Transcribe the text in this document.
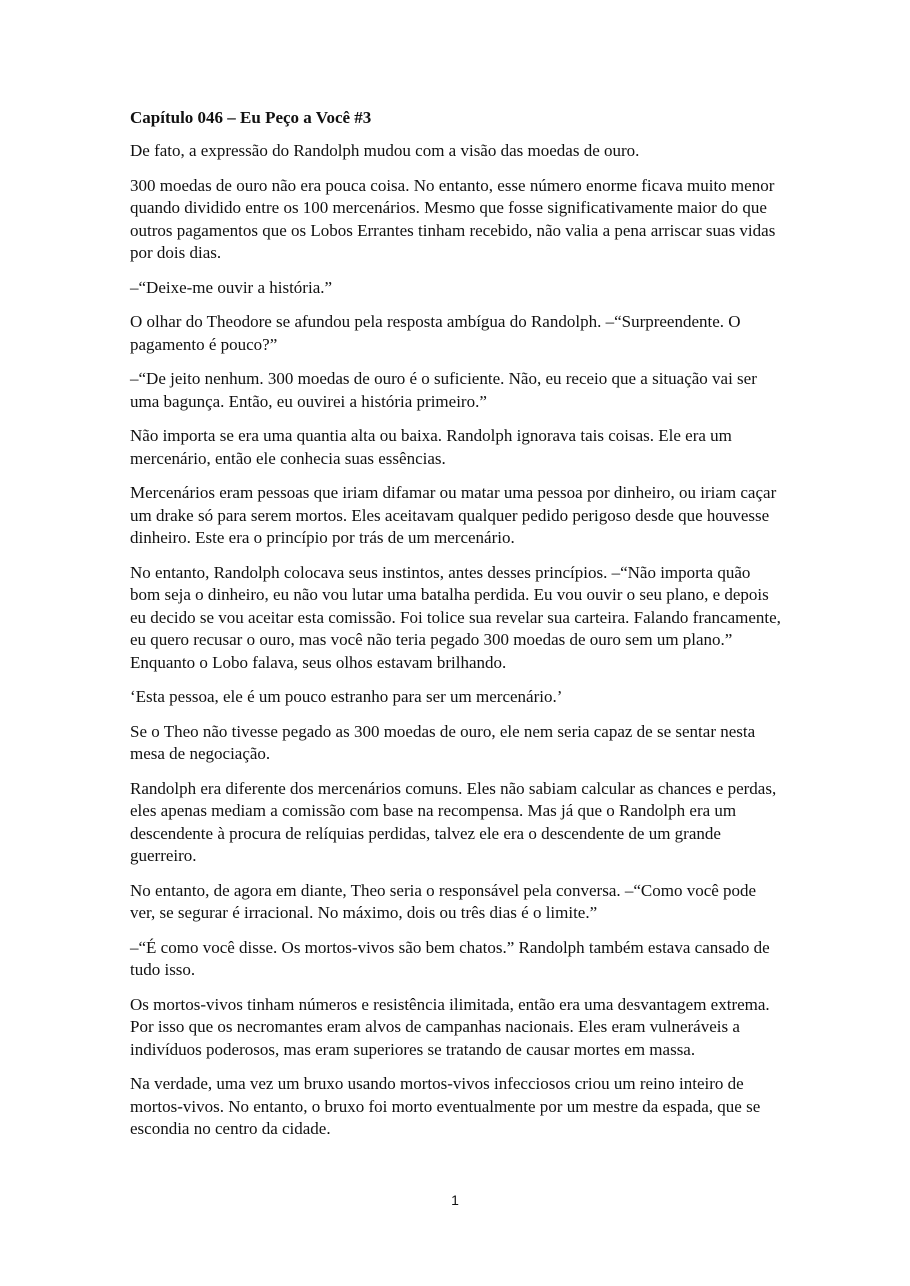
Capítulo 046 – Eu Peço a Você #3

De fato, a expressão do Randolph mudou com a visão das moedas de ouro.

300 moedas de ouro não era pouca coisa. No entanto, esse número enorme ficava muito menor quando dividido entre os 100 mercenários. Mesmo que fosse significativamente maior do que outros pagamentos que os Lobos Errantes tinham recebido, não valia a pena arriscar suas vidas por dois dias.

–“Deixe-me ouvir a história.”

O olhar do Theodore se afundou pela resposta ambígua do Randolph. –“Surpreendente. O pagamento é pouco?”

–“De jeito nenhum. 300 moedas de ouro é o suficiente. Não, eu receio que a situação vai ser uma bagunça. Então, eu ouvirei a história primeiro.”

Não importa se era uma quantia alta ou baixa. Randolph ignorava tais coisas. Ele era um mercenário, então ele conhecia suas essências.

Mercenários eram pessoas que iriam difamar ou matar uma pessoa por dinheiro, ou iriam caçar um drake só para serem mortos. Eles aceitavam qualquer pedido perigoso desde que houvesse dinheiro. Este era o princípio por trás de um mercenário.

No entanto, Randolph colocava seus instintos, antes desses princípios. –“Não importa quão bom seja o dinheiro, eu não vou lutar uma batalha perdida. Eu vou ouvir o seu plano, e depois eu decido se vou aceitar esta comissão. Foi tolice sua revelar sua carteira. Falando francamente, eu quero recusar o ouro, mas você não teria pegado 300 moedas de ouro sem um plano.” Enquanto o Lobo falava, seus olhos estavam brilhando.

‘Esta pessoa, ele é um pouco estranho para ser um mercenário.’

Se o Theo não tivesse pegado as 300 moedas de ouro, ele nem seria capaz de se sentar nesta mesa de negociação.

Randolph era diferente dos mercenários comuns. Eles não sabiam calcular as chances e perdas, eles apenas mediam a comissão com base na recompensa. Mas já que o Randolph era um descendente à procura de relíquias perdidas, talvez ele era o descendente de um grande guerreiro.

No entanto, de agora em diante, Theo seria o responsável pela conversa. –“Como você pode ver, se segurar é irracional. No máximo, dois ou três dias é o limite.”

–“É como você disse. Os mortos-vivos são bem chatos.” Randolph também estava cansado de tudo isso.

Os mortos-vivos tinham números e resistência ilimitada, então era uma desvantagem extrema. Por isso que os necromantes eram alvos de campanhas nacionais. Eles eram vulneráveis a indivíduos poderosos, mas eram superiores se tratando de causar mortes em massa.

Na verdade, uma vez um bruxo usando mortos-vivos infecciosos criou um reino inteiro de mortos-vivos. No entanto, o bruxo foi morto eventualmente por um mestre da espada, que se escondia no centro da cidade.

1
